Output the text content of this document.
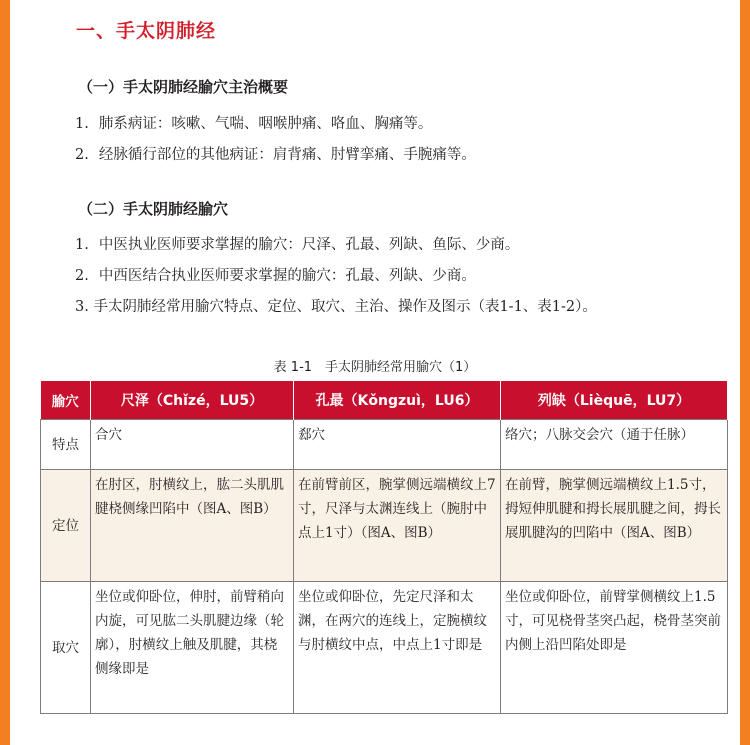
一、手太阴肺经
（一）手太阴肺经腧穴主治概要
1. 肺系病证：咳嗽、气喘、咽喉肿痛、咯血、胸痛等。
2. 经脉循行部位的其他病证：肩背痛、肘臂挛痛、手腕痛等。
（二）手太阴肺经腧穴
1. 中医执业医师要求掌握的腧穴：尺泽、孔最、列缺、鱼际、少商。
2. 中西医结合执业医师要求掌握的腧穴：孔最、列缺、少商。
3. 手太阴肺经常用腧穴特点、定位、取穴、主治、操作及图示（表1-1、表1-2）。
表 1-1　手太阴肺经常用腧穴（1）
腧穴	尺泽（Chǐzé，LU5）	孔最（Kǒngzuì，LU6）	列缺（Lièquē，LU7）
特点	合穴	郄穴	络穴；八脉交会穴（通于任脉）
定位	在肘区，肘横纹上，肱二头肌肌腱桡侧缘凹陷中（图A、图B）	在前臂前区，腕掌侧远端横纹上7寸，尺泽与太渊连线上（腕肘中点上1寸）（图A、图B）	在前臂，腕掌侧远端横纹上1.5寸，拇短伸肌腱和拇长展肌腱之间，拇长展肌腱沟的凹陷中（图A、图B）
取穴	坐位或仰卧位，伸肘，前臂稍向内旋，可见肱二头肌腱边缘（轮廓），肘横纹上触及肌腱，其桡侧缘即是	坐位或仰卧位，先定尺泽和太渊，在两穴的连线上，定腕横纹与肘横纹中点，中点上1寸即是	坐位或仰卧位，前臂掌侧横纹上1.5寸，可见桡骨茎突凸起，桡骨茎突前内侧上沿凹陷处即是
